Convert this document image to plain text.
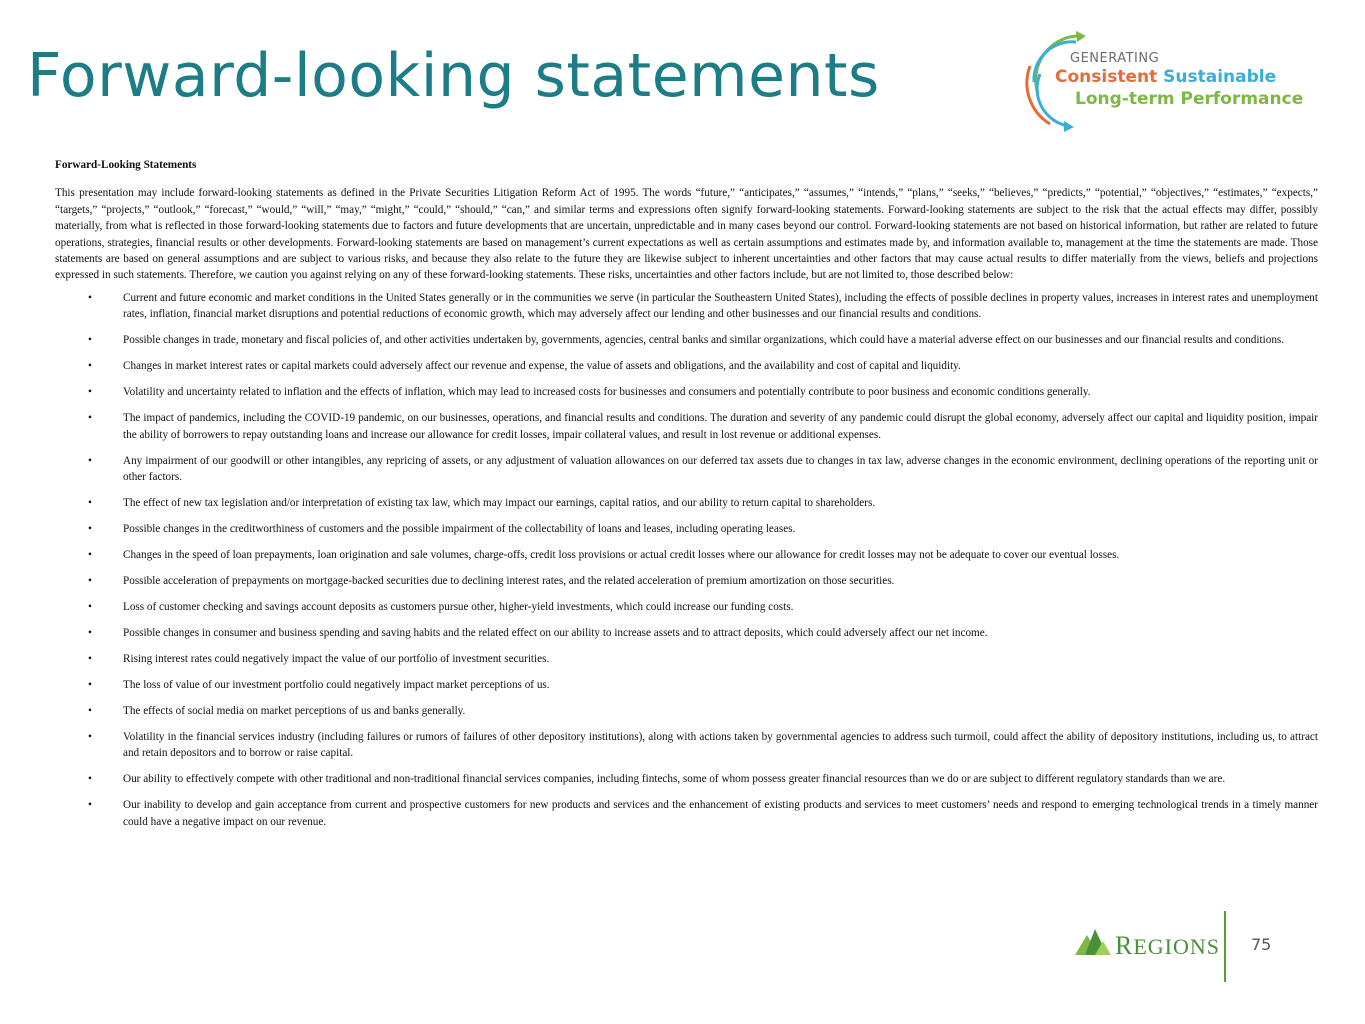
Forward-looking statements	GENERATING
Consistent Sustainable
Long-term Performance
Forward-Looking Statements

This presentation may include forward-looking statements as defined in the Private Securities Litigation Reform Act of 1995. The words “future,” “anticipates,” “assumes,” “intends,” “plans,” “seeks,” “believes,” “predicts,” “potential,” “objectives,” “estimates,” “expects,” “targets,” “projects,” “outlook,” “forecast,” “would,” “will,” “may,” “might,” “could,” “should,” “can,” and similar terms and expressions often signify forward-looking statements. Forward-looking statements are subject to the risk that the actual effects may differ, possibly materially, from what is reflected in those forward-looking statements due to factors and future developments that are uncertain, unpredictable and in many cases beyond our control. Forward-looking statements are not based on historical information, but rather are related to future operations, strategies, financial results or other developments. Forward-looking statements are based on management’s current expectations as well as certain assumptions and estimates made by, and information available to, management at the time the statements are made. Those statements are based on general assumptions and are subject to various risks, and because they also relate to the future they are likewise subject to inherent uncertainties and other factors that may cause actual results to differ materially from the views, beliefs and projections expressed in such statements. Therefore, we caution you against relying on any of these forward-looking statements. These risks, uncertainties and other factors include, but are not limited to, those described below:

• Current and future economic and market conditions in the United States generally or in the communities we serve (in particular the Southeastern United States), including the effects of possible declines in property values, increases in interest rates and unemployment rates, inflation, financial market disruptions and potential reductions of economic growth, which may adversely affect our lending and other businesses and our financial results and conditions.
• Possible changes in trade, monetary and fiscal policies of, and other activities undertaken by, governments, agencies, central banks and similar organizations, which could have a material adverse effect on our businesses and our financial results and conditions.
• Changes in market interest rates or capital markets could adversely affect our revenue and expense, the value of assets and obligations, and the availability and cost of capital and liquidity.
• Volatility and uncertainty related to inflation and the effects of inflation, which may lead to increased costs for businesses and consumers and potentially contribute to poor business and economic conditions generally.
• The impact of pandemics, including the COVID-19 pandemic, on our businesses, operations, and financial results and conditions. The duration and severity of any pandemic could disrupt the global economy, adversely affect our capital and liquidity position, impair the ability of borrowers to repay outstanding loans and increase our allowance for credit losses, impair collateral values, and result in lost revenue or additional expenses.
• Any impairment of our goodwill or other intangibles, any repricing of assets, or any adjustment of valuation allowances on our deferred tax assets due to changes in tax law, adverse changes in the economic environment, declining operations of the reporting unit or other factors.
• The effect of new tax legislation and/or interpretation of existing tax law, which may impact our earnings, capital ratios, and our ability to return capital to shareholders.
• Possible changes in the creditworthiness of customers and the possible impairment of the collectability of loans and leases, including operating leases.
• Changes in the speed of loan prepayments, loan origination and sale volumes, charge-offs, credit loss provisions or actual credit losses where our allowance for credit losses may not be adequate to cover our eventual losses.
• Possible acceleration of prepayments on mortgage-backed securities due to declining interest rates, and the related acceleration of premium amortization on those securities.
• Loss of customer checking and savings account deposits as customers pursue other, higher-yield investments, which could increase our funding costs.
• Possible changes in consumer and business spending and saving habits and the related effect on our ability to increase assets and to attract deposits, which could adversely affect our net income.
• Rising interest rates could negatively impact the value of our portfolio of investment securities.
• The loss of value of our investment portfolio could negatively impact market perceptions of us.
• The effects of social media on market perceptions of us and banks generally.
• Volatility in the financial services industry (including failures or rumors of failures of other depository institutions), along with actions taken by governmental agencies to address such turmoil, could affect the ability of depository institutions, including us, to attract and retain depositors and to borrow or raise capital.
• Our ability to effectively compete with other traditional and non-traditional financial services companies, including fintechs, some of whom possess greater financial resources than we do or are subject to different regulatory standards than we are.
• Our inability to develop and gain acceptance from current and prospective customers for new products and services and the enhancement of existing products and services to meet customers’ needs and respond to emerging technological trends in a timely manner could have a negative impact on our revenue.
REGIONS 75
